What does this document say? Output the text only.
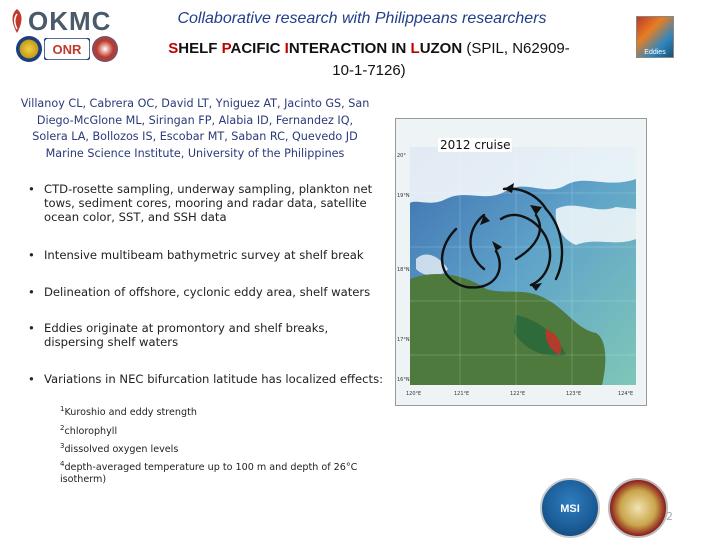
OKMC
ONR	Eddies
Collaborative research with Philippeans researchers
SHELF PACIFIC INTERACTION IN LUZON (SPIL, N62909-
10-1-7126)
Villanoy CL, Cabrera OC, David LT, Yniguez AT, Jacinto GS, San
Diego-McGlone ML, Siringan FP, Alabia ID, Fernandez IQ,
Solera LA, Bollozos IS, Escobar MT, Saban RC, Quevedo JD
Marine Science Institute, University of the Philippines
• CTD-rosette sampling, underway sampling, plankton net tows, sediment cores, mooring and radar data, satellite ocean color, SST, and SSH data
• Intensive multibeam bathymetric survey at shelf break
• Delineation of offshore, cyclonic eddy area, shelf waters
• Eddies originate at promontory and shelf breaks, dispersing shelf waters
• Variations in NEC bifurcation latitude has localized effects:
$^1$Kuroshio and eddy strength
$^2$chlorophyll
$^3$dissolved oxygen levels
$^4$depth-averaged temperature up to 100 m and depth of 26°C
isotherm)
20°
19°N
18°N
17°N
16°N
120°E	121°E	122°E	123°E	124°E
2012 cruise
MSI
2
